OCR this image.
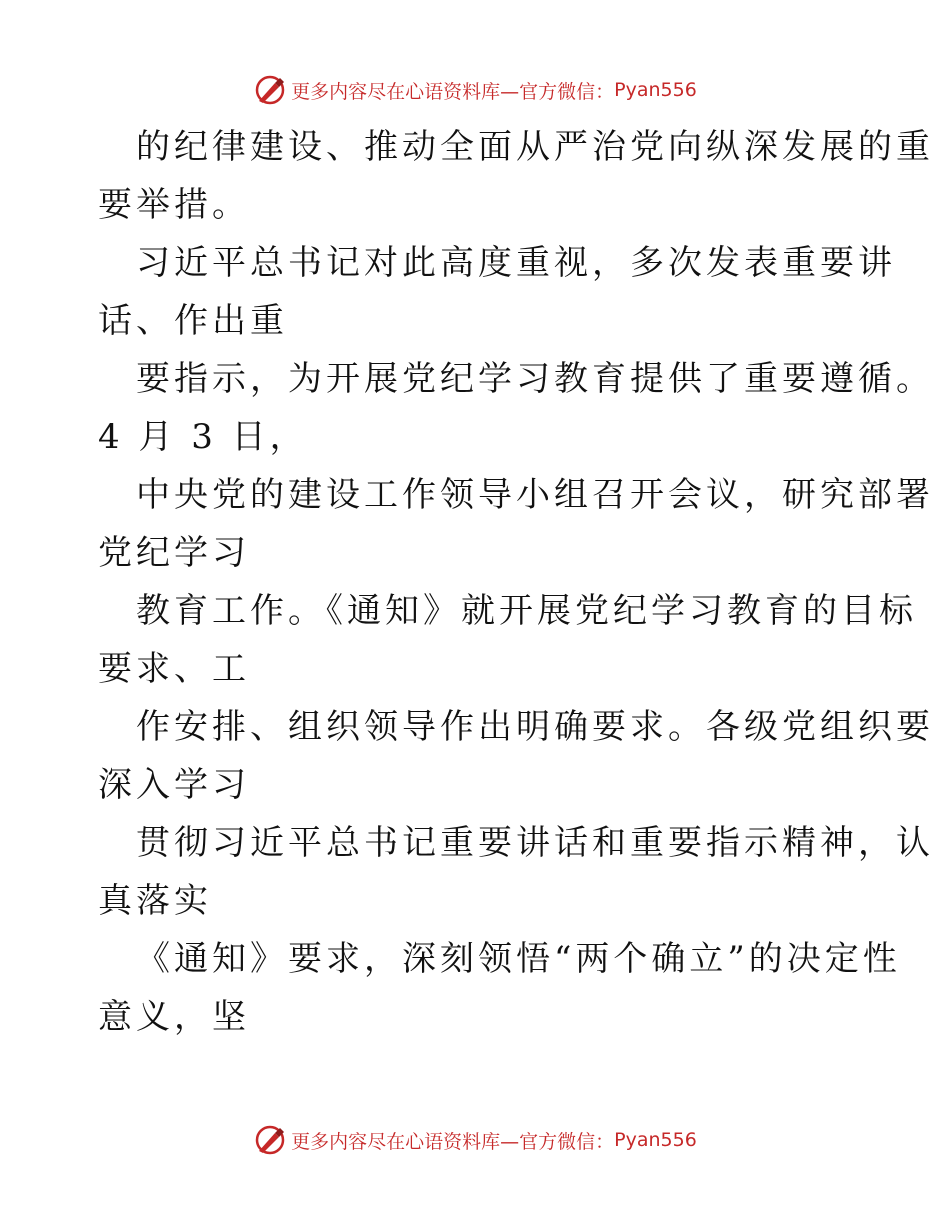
更多内容尽在心语资料库—官方微信： Pyan556

的纪律建设、推动全面从严治党向纵深发展的重

要举措。

习近平总书记对此高度重视，多次发表重要讲

话、作出重

要指示，为开展党纪学习教育提供了重要遵循。

4 月 3 日，

中央党的建设工作领导小组召开会议，研究部署

党纪学习

教育工作。《通知》就开展党纪学习教育的目标

要求、工

作安排、组织领导作出明确要求。各级党组织要

深入学习

贯彻习近平总书记重要讲话和重要指示精神，认

真落实

《通知》要求，深刻领悟“两个确立”的决定性

意义，坚

更多内容尽在心语资料库—官方微信： Pyan556
